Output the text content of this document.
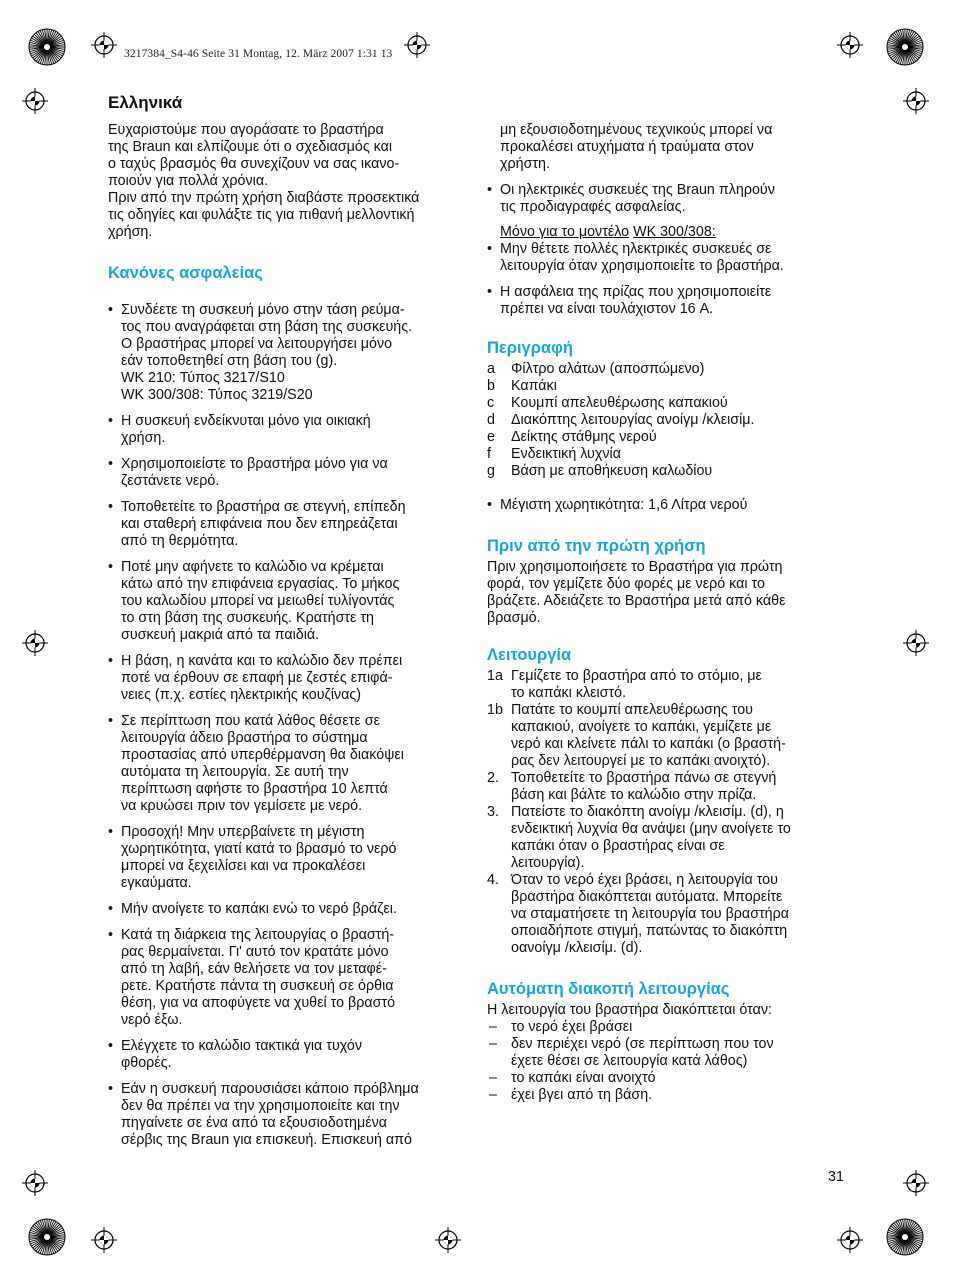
3217384_S4-46 Seite 31 Montag, 12. März 2007 1:31 13
Ελληνικά
Ευχαριστούμε που αγοράσατε το βραστήρα
της Braun και ελπίζουμε ότι ο σχεδιασμός και
ο ταχύς βρασμός θα συνεχίζουν να σας ικανο-
ποιούν για πολλά χρόνια.
Πριν από την πρώτη χρήση διαβάστε προσεκτικά
τις οδηγίες και φυλάξτε τις για πιθανή μελλοντική
χρήση.
Κανόνες ασφαλείας
• Συνδέετε τη συσκευή μόνο στην τάση ρεύμα-
τος που αναγράφεται στη βάση της συσκευής.
Ο βραστήρας μπορεί να λειτουργήσει μόνο
εάν τοποθετηθεί στη βάση του (g).
WK 210: Τύπος 3217/S10
WK 300/308: Τύπος 3219/S20
• Η συσκευή ενδείκνυται μόνο για οικιακή
χρήση.
• Χρησιμοποιείστε το βραστήρα μόνο για να
ζεστάνετε νερό.
• Τοποθετείτε το βραστήρα σε στεγνή, επίπεδη
και σταθερή επιφάνεια που δεν επηρεάζεται
από τη θερμότητα.
• Ποτέ μην αφήνετε το καλώδιο να κρέμεται
κάτω από την επιφάνεια εργασίας. Το μήκος
του καλωδίου μπορεί να μειωθεί τυλίγοντάς
το στη βάση της συσκευής. Κρατήστε τη
συσκευή μακριά από τα παιδιά.
• Η βάση, η κανάτα και το καλώδιο δεν πρέπει
ποτέ να έρθουν σε επαφή με ζεστές επιφά-
νειες (π.χ. εστίες ηλεκτρικής κουζίνας)
• Σε περίπτωση που κατά λάθος θέσετε σε
λειτουργία άδειο βραστήρα το σύστημα
προστασίας από υπερθέρμανση θα διακόψει
αυτόματα τη λειτουργία. Σε αυτή την
περίπτωση αφήστε το βραστήρα 10 λεπτά
να κρυώσει πριν τον γεμίσετε με νερό.
• Προσοχή! Μην υπερβαίνετε τη μέγιστη
χωρητικότητα, γιατί κατά το βρασμό το νερό
μπορεί να ξεχειλίσει και να προκαλέσει
εγκαύματα.
• Μήν ανοίγετε το καπάκι ενώ το νερό βράζει.
• Κατά τη διάρκεια της λειτουργίας ο βραστή-
ρας θερμαίνεται. Γι' αυτό τον κρατάτε μόνο
από τη λαβή, εάν θελήσετε να τον μεταφέ-
ρετε. Κρατήστε πάντα τη συσκευή σε όρθια
θέση, για να αποφύγετε να χυθεί το βραστό
νερό έξω.
• Ελέγχετε το καλώδιο τακτικά για τυχόν
φθορές.
• Εάν η συσκευή παρουσιάσει κάποιο πρόβλημα
δεν θα πρέπει να την χρησιμοποιείτε και την
πηγαίνετε σε ένα από τα εξουσιοδοτημένα
σέρβις της Braun για επισκευή. Επισκευή από
μη εξουσιοδοτημένους τεχνικούς μπορεί να
προκαλέσει ατυχήματα ή τραύματα στον
χρήστη.
• Οι ηλεκτρικές συσκευές της Braun πληρούν
τις προδιαγραφές ασφαλείας.
Μόνο για το μοντέλο WK 300/308:
• Μην θέτετε πολλές ηλεκτρικές συσκευές σε
λειτουργία όταν χρησιμοποιείτε το βραστήρα.
• Η ασφάλεια της πρίζας που χρησιμοποιείτε
πρέπει να είναι τουλάχιστον 16 A.
Περιγραφή
a	Φίλτρο αλάτων (αποσπώμενο)
b	Καπάκι
c	Κουμπί απελευθέρωσης καπακιού
d	Διακόπτης λειτουργίας ανοίγμ /κλεισίμ.
e	Δείκτης στάθμης νερού
f	Ενδεικτική λυχνία
g	Βάση με αποθήκευση καλωδίου
• Μέγιστη χωρητικότητα: 1,6 Λίτρα νερού
Πριν από την πρώτη χρήση
Πριν χρησιμοποιήσετε το Βραστήρα για πρώτη
φορά, τον γεμίζετε δύο φορές με νερό και το
βράζετε. Αδειάζετε το Βραστήρα μετά από κάθε
βρασμό.
Λειτουργία
1a Γεμίζετε το βραστήρα από το στόμιο, με
το καπάκι κλειστό.
1b Πατάτε το κουμπί απελευθέρωσης του
καπακιού, ανοίγετε το καπάκι, γεμίζετε με
νερό και κλείνετε πάλι το καπάκι (ο βραστή-
ρας δεν λειτουργεί με το καπάκι ανοιχτό).
2. Τοποθετείτε το βραστήρα πάνω σε στεγνή
βάση και βάλτε το καλώδιο στην πρίζα.
3. Πατείστε το διακόπτη ανοίγμ /κλεισίμ. (d), η
ενδεικτική λυχνία θα ανάψει (μην ανοίγετε το
καπάκι όταν ο βραστήρας είναι σε
λειτουργία).
4. Όταν το νερό έχει βράσει, η λειτουργία του
βραστήρα διακόπτεται αυτόματα. Μπορείτε
να σταματήσετε τη λειτουργία του βραστήρα
οποιαδήποτε στιγμή, πατώντας το διακόπτη
οανοίγμ /κλεισίμ. (d).
Αυτόματη διακοπή λειτουργίας
Η λειτουργία του βραστήρα διακόπτεται όταν:
– το νερό έχει βράσει
– δεν περιέχει νερό (σε περίπτωση που τον
έχετε θέσει σε λειτουργία κατά λάθος)
– το καπάκι είναι ανοιχτό
– έχει βγει από τη βάση.
31
